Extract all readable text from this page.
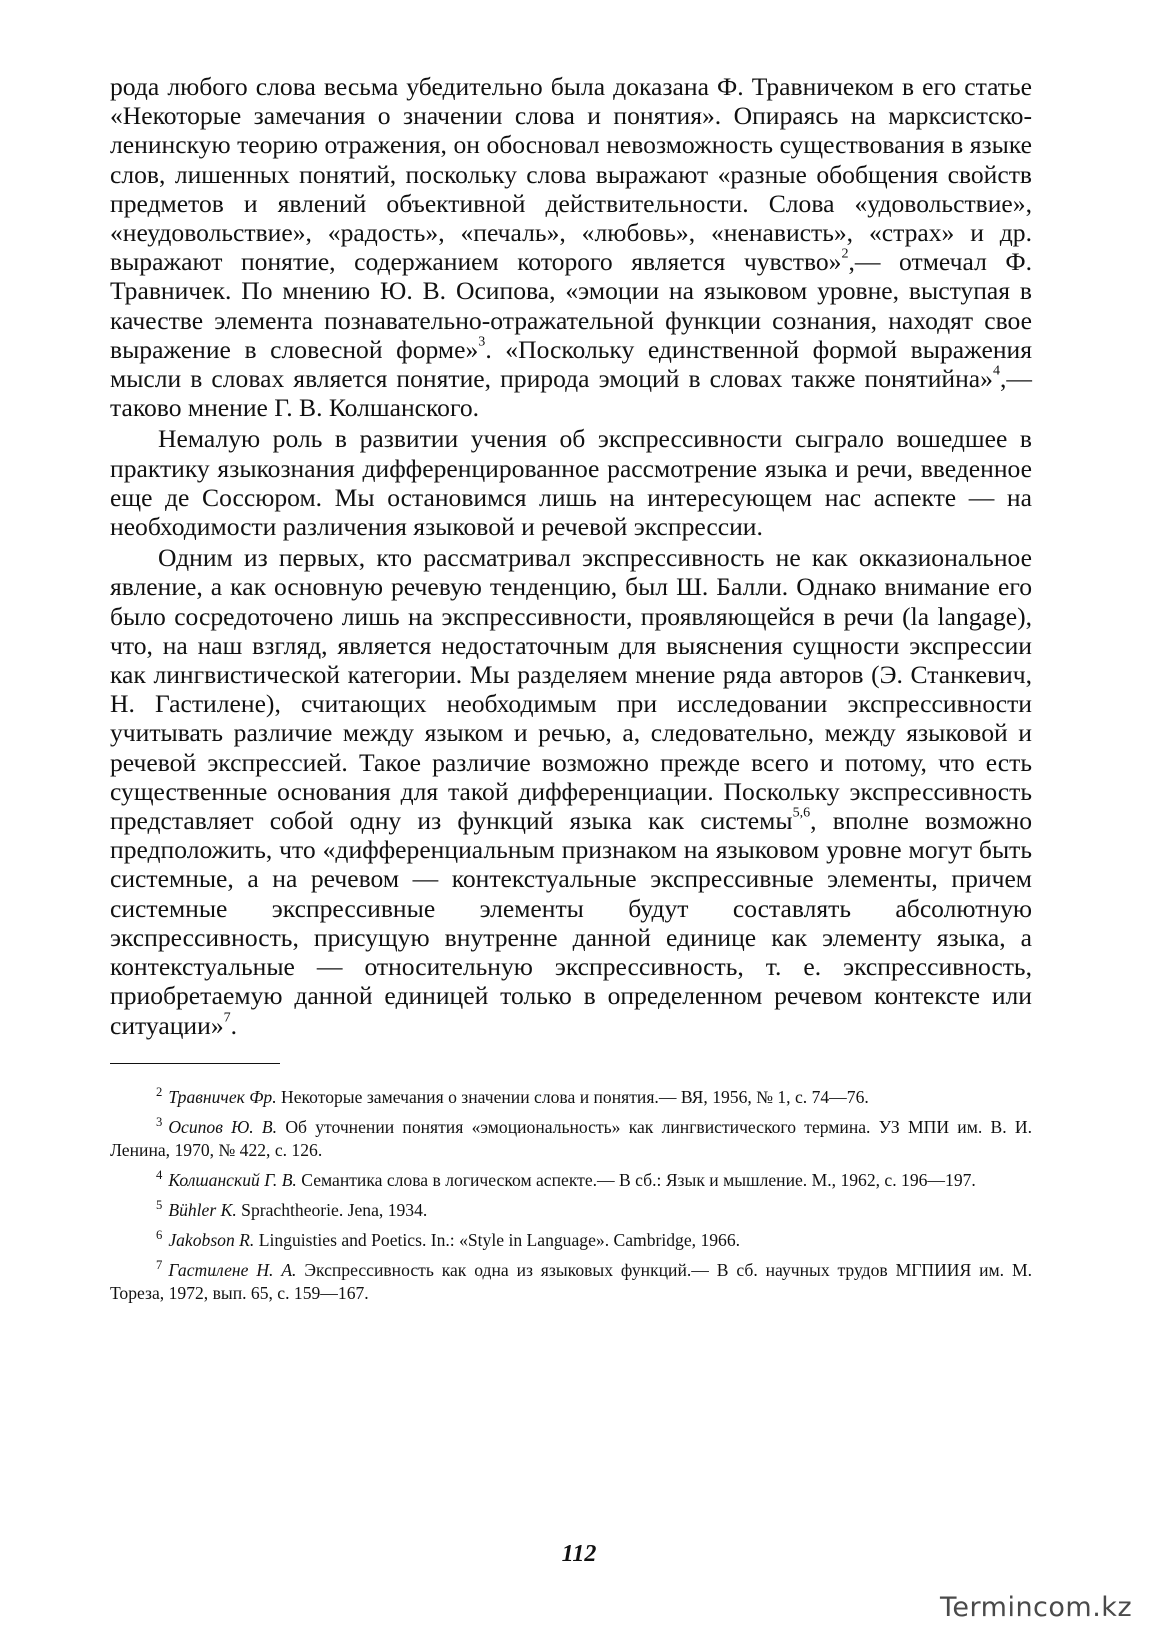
рода любого слова весьма убедительно была доказана Ф. Травничеком в его статье «Некоторые замечания о значении слова и понятия». Опираясь на марксистско-ленинскую теорию отражения, он обосновал невозможность существования в языке слов, лишенных понятий, поскольку слова выражают «разные обобщения свойств предметов и явлений объективной действительности. Слова «удовольствие», «неудовольствие», «радость», «печаль», «любовь», «ненависть», «страх» и др. выражают понятие, содержанием которого является чувство»$^2$,— отмечал Ф. Травничек. По мнению Ю. В. Осипова, «эмоции на языковом уровне, выступая в качестве элемента познавательно-отражательной функции сознания, находят свое выражение в словесной форме»$^3$. «Поскольку единственной формой выражения мысли в словах является понятие, природа эмоций в словах также понятийна»$^4$,— таково мнение Г. В. Колшанского.

Немалую роль в развитии учения об экспрессивности сыграло вошедшее в практику языкознания дифференцированное рассмотрение языка и речи, введенное еще де Соссюром. Мы остановимся лишь на интересующем нас аспекте — на необходимости различения языковой и речевой экспрессии.

Одним из первых, кто рассматривал экспрессивность не как окказиональное явление, а как основную речевую тенденцию, был Ш. Балли. Однако внимание его было сосредоточено лишь на экспрессивности, проявляющейся в речи (la langage), что, на наш взгляд, является недостаточным для выяснения сущности экспрессии как лингвистической категории. Мы разделяем мнение ряда авторов (Э. Станкевич, Н. Гастилене), считающих необходимым при исследовании экспрессивности учитывать различие между языком и речью, а, следовательно, между языковой и речевой экспрессией. Такое различие возможно прежде всего и потому, что есть существенные основания для такой дифференциации. Поскольку экспрессивность представляет собой одну из функций языка как системы$^{5,6}$, вполне возможно предположить, что «дифференциальным признаком на языковом уровне могут быть системные, а на речевом — контекстуальные экспрессивные элементы, причем системные экспрессивные элементы будут составлять абсолютную экспрессивность, присущую внутренне данной единице как элементу языка, а контекстуальные — относительную экспрессивность, т. е. экспрессивность, приобретаемую данной единицей только в определенном речевом контексте или ситуации»$^7$.

$^2$ Травничек Фр. Некоторые замечания о значении слова и понятия.— ВЯ, 1956, № 1, с. 74—76.

$^3$ Осипов Ю. В. Об уточнении понятия «эмоциональность» как лингвистического термина. УЗ МПИ им. В. И. Ленина, 1970, № 422, с. 126.

$^4$ Колшанский Г. В. Семантика слова в логическом аспекте.— В сб.: Язык и мышление. М., 1962, с. 196—197.

$^5$ Bühler K. Sprachtheorie. Jena, 1934.

$^6$ Jakobson R. Linguisties and Poetics. In.: «Style in Language». Cambridge, 1966.

$^7$ Гастилене Н. А. Экспрессивность как одна из языковых функций.— В сб. научных трудов МГПИИЯ им. М. Тореза, 1972, вып. 65, с. 159—167.

112
Termincom.kz
